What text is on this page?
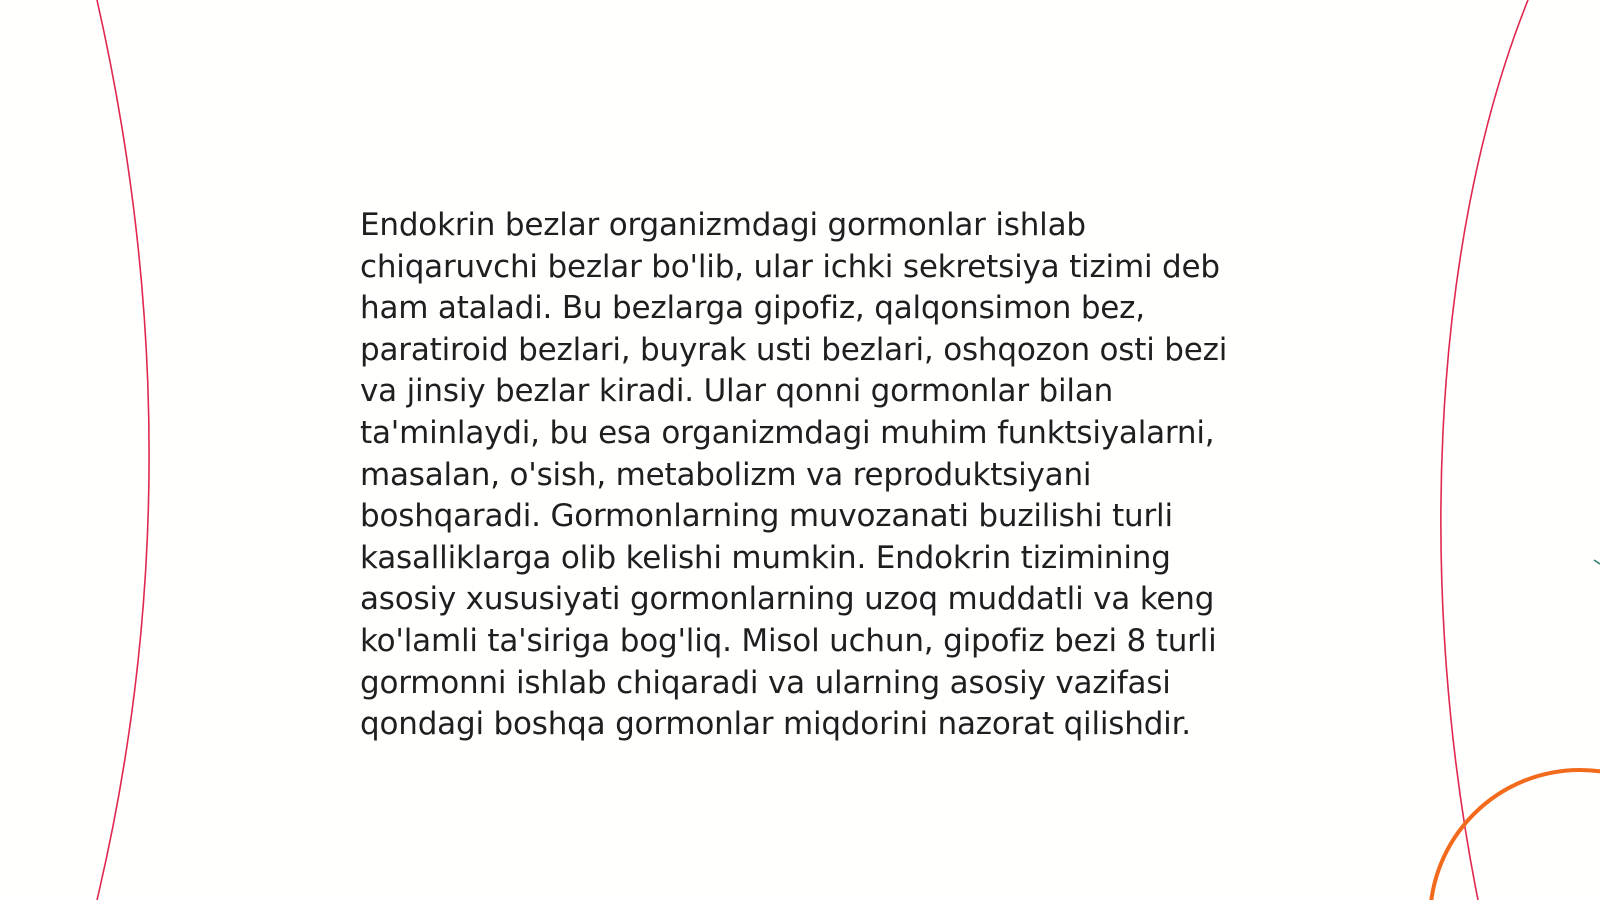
Endokrin bezlar organizmdagi gormonlar ishlab chiqaruvchi bezlar bo'lib, ular ichki sekretsiya tizimi deb ham ataladi. Bu bezlarga gipofiz, qalqonsimon bez, paratiroid bezlari, buyrak usti bezlari, oshqozon osti bezi va jinsiy bezlar kiradi. Ular qonni gormonlar bilan ta'minlaydi, bu esa organizmdagi muhim funktsiyalarni, masalan, o'sish, metabolizm va reproduktsiyani boshqaradi. Gormonlarning muvozanati buzilishi turli kasalliklarga olib kelishi mumkin. Endokrin tizimining asosiy xususiyati gormonlarning uzoq muddatli va keng ko'lamli ta'siriga bog'liq. Misol uchun, gipofiz bezi 8 turli gormonni ishlab chiqaradi va ularning asosiy vazifasi qondagi boshqa gormonlar miqdorini nazorat qilishdir.
